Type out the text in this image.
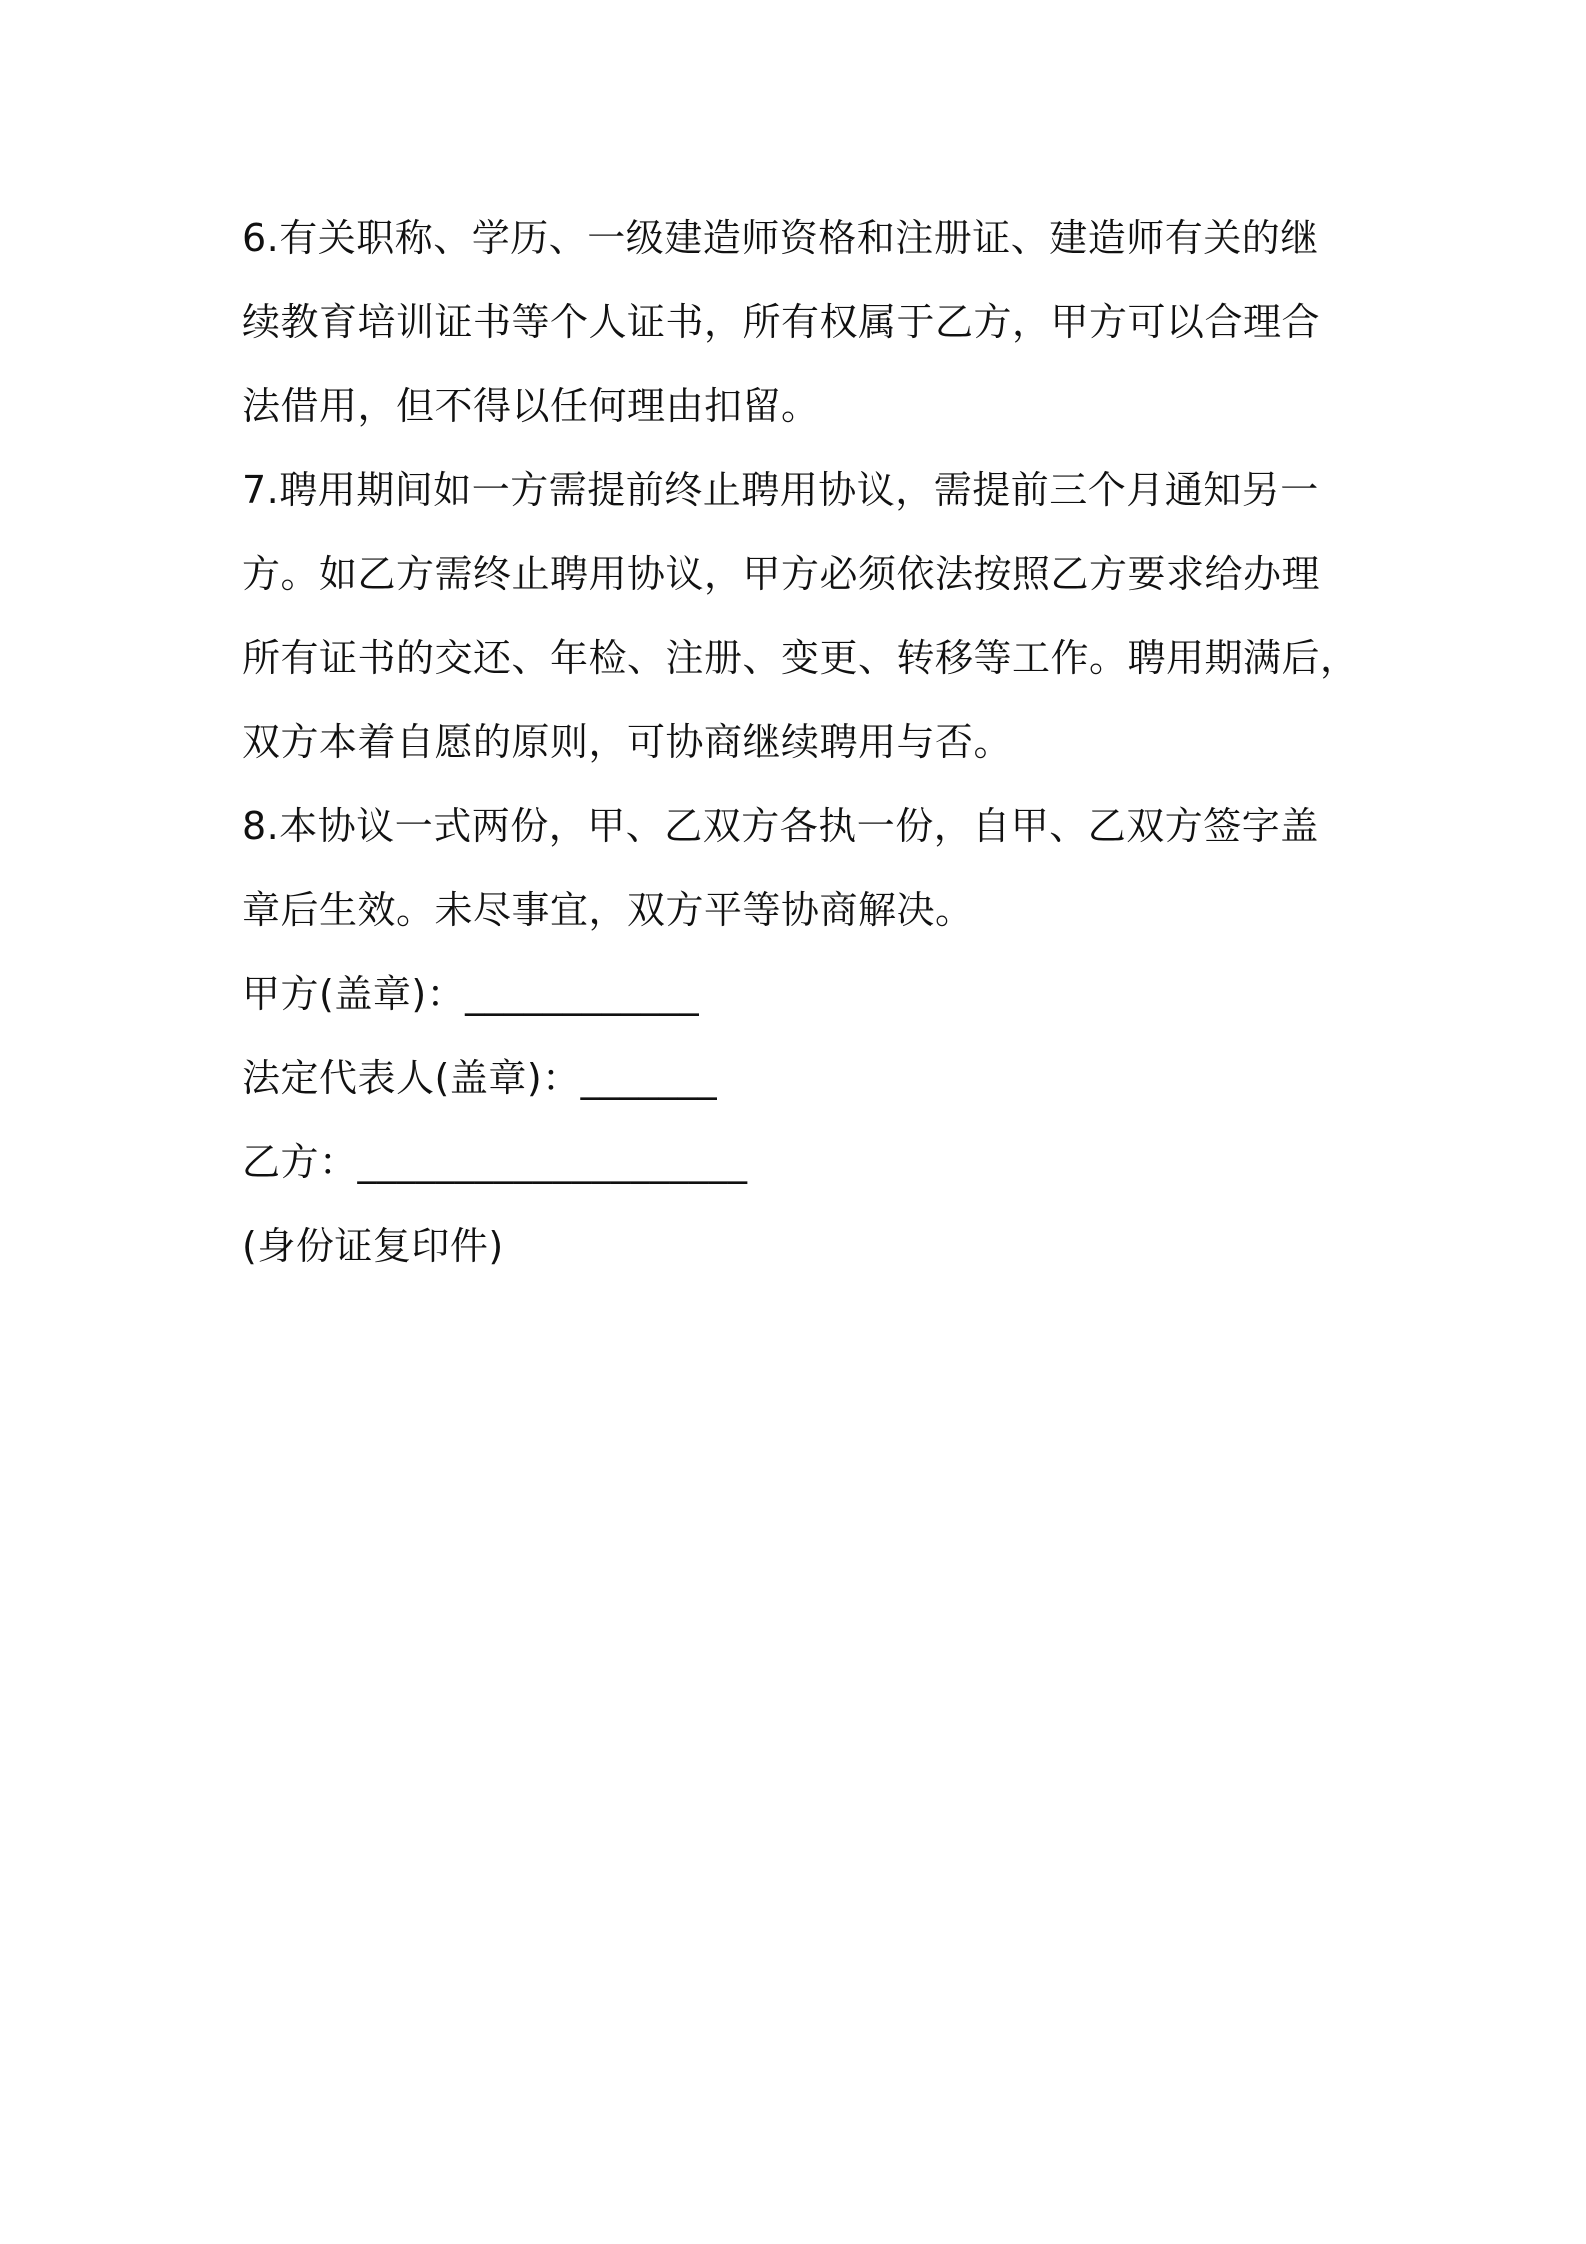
6.有关职称、学历、一级建造师资格和注册证、建造师有关的继
续教育培训证书等个人证书，所有权属于乙方，甲方可以合理合
法借用，但不得以任何理由扣留。
7.聘用期间如一方需提前终止聘用协议，需提前三个月通知另一
方。如乙方需终止聘用协议，甲方必须依法按照乙方要求给办理
所有证书的交还、年检、注册、变更、转移等工作。聘用期满后，
双方本着自愿的原则，可协商继续聘用与否。
8.本协议一式两份，甲、乙双方各执一份，自甲、乙双方签字盖
章后生效。未尽事宜，双方平等协商解决。
甲方(盖章)：____________
法定代表人(盖章)：_______
乙方：____________________
(身份证复印件)
